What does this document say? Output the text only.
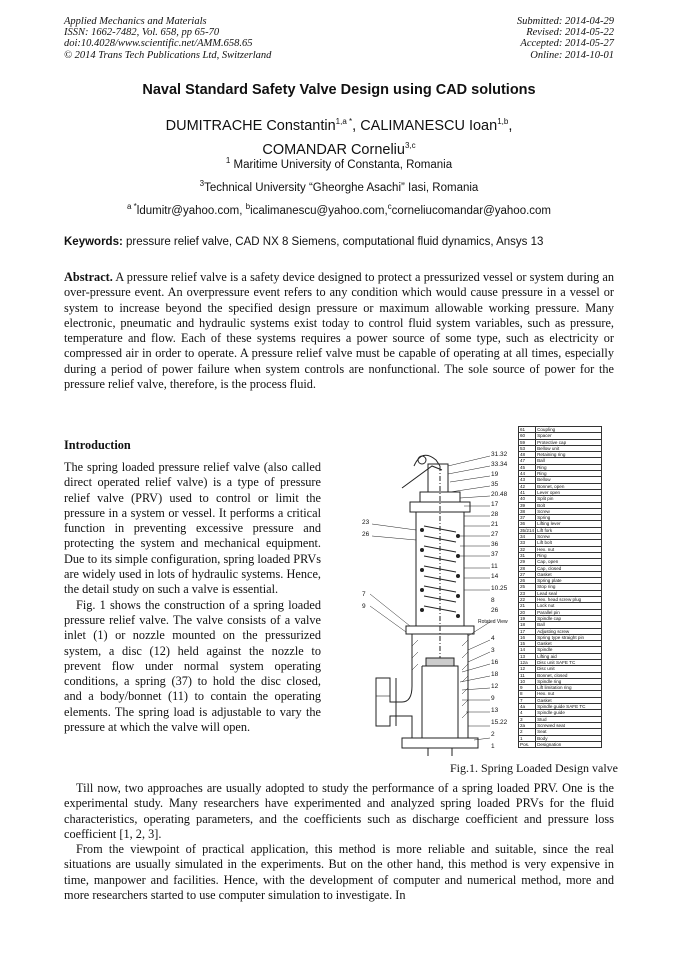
Applied Mechanics and Materials
ISSN: 1662-7482, Vol. 658, pp 65-70
doi:10.4028/www.scientific.net/AMM.658.65
© 2014 Trans Tech Publications Ltd, Switzerland
Submitted: 2014-04-29
Revised: 2014-05-22
Accepted: 2014-05-27
Online: 2014-10-01
Naval Standard Safety Valve Design using CAD solutions
DUMITRACHE Constantin$^{1,a *}$, CALIMANESCU Ioan$^{1,b}$,
COMANDAR Corneliu$^{3,c}$
$^1$ Maritime University of Constanta, Romania
$^3$Technical University “Gheorghe Asachi” Iasi, Romania
$^{a *}$ldumitr@yahoo.com, $^b$icalimanescu@yahoo.com,$^c$corneliucomandar@yahoo.com
Keywords: pressure relief valve, CAD NX 8 Siemens, computational fluid dynamics, Ansys 13
Abstract. A pressure relief valve is a safety device designed to protect a pressurized vessel or system during an over-pressure event. An overpressure event refers to any condition which would cause pressure in a vessel or system to increase beyond the specified design pressure or maximum allowable working pressure. Many electronic, pneumatic and hydraulic systems exist today to control fluid system variables, such as pressure, temperature and flow. Each of these systems requires a power source of some type, such as electricity or compressed air in order to operate. A pressure relief valve must be capable of operating at all times, especially during a period of power failure when system controls are nonfunctional. The sole source of power for the pressure relief valve, therefore, is the process fluid.
Introduction

The spring loaded pressure relief valve (also called direct operated relief valve) is a type of pressure relief valve (PRV) used to control or limit the pressure in a system or vessel. It performs a critical function in preventing excessive pressure and protecting the system and mechanical equipment. Due to its simple configuration, spring loaded PRVs are widely used in lots of hydraulic systems. Hence, the detail study on such a valve is essential.

Fig. 1 shows the construction of a spring loaded pressure relief valve. The valve consists of a valve inlet (1) or nozzle mounted on the pressurized system, a disc (12) held against the nozzle to prevent flow under normal system operating conditions, a spring (37) to hold the disc closed, and a body/bonnet (11) to contain the operating elements. The spring load is adjustable to vary the pressure at which the valve will open.

31.32
33.34
19
35
20.48
17
28
21
27
36
37
11
14
10.25
8
26
Rotated View
4
3
16
18
12
9
13
15.22
2
1
23
26
7
9
61	Coupling
60	Spacer
59	Protective cap
53	Bellow unit
48	Retaining ring
47	Ball
45	Ring
44	Ring
43	Bellow
42	Bonnet, open
41	Lever open
40	Split pin
39	Bolt
38	Screw
37	Spring
36	Lifting lever
35/214	Lift fork
34	Screw
33	Lift bolt
32	Hex. nut
31	Ring
29	Cap, open
28	Cap, closed
27	Gasket
26	Spring plate
25	Stop ring
23	Lead seal
22	Hex. head screw plug
21	Lock nut
20	Parallel pin
19	Spindle cap
18	Ball
17	Adjusting screw
16	Spring type straight pin
15	Gasket
14	Spindle
13	Lifting aid
12a	Disc unit SAFE TC
12	Disc unit
11	Bonnet, closed
10	Spindle ring
9	Lift limitation ring
8	Hex. nut
7	Gasket
4a	Spindle guide SAFE TC
4	Spindle guide
3	Stud
2a	Screwed seat
2	Seat
1	Body
Pos.	Designation
Fig.1. Spring Loaded Design valve

Till now, two approaches are usually adopted to study the performance of a spring loaded PRV. One is the experimental study. Many researchers have experimented and analyzed spring loaded PRVs for the fluid characteristics, operating parameters, and the coefficients such as discharge coefficient and pressure loss coefficient [1, 2, 3].

From the viewpoint of practical application, this method is more reliable and suitable, since the real situations are usually simulated in the experiments. But on the other hand, this method is very expensive in time, manpower and facilities. Hence, with the development of computer and numerical method, more and more researchers started to use computer simulation to investigate. In
